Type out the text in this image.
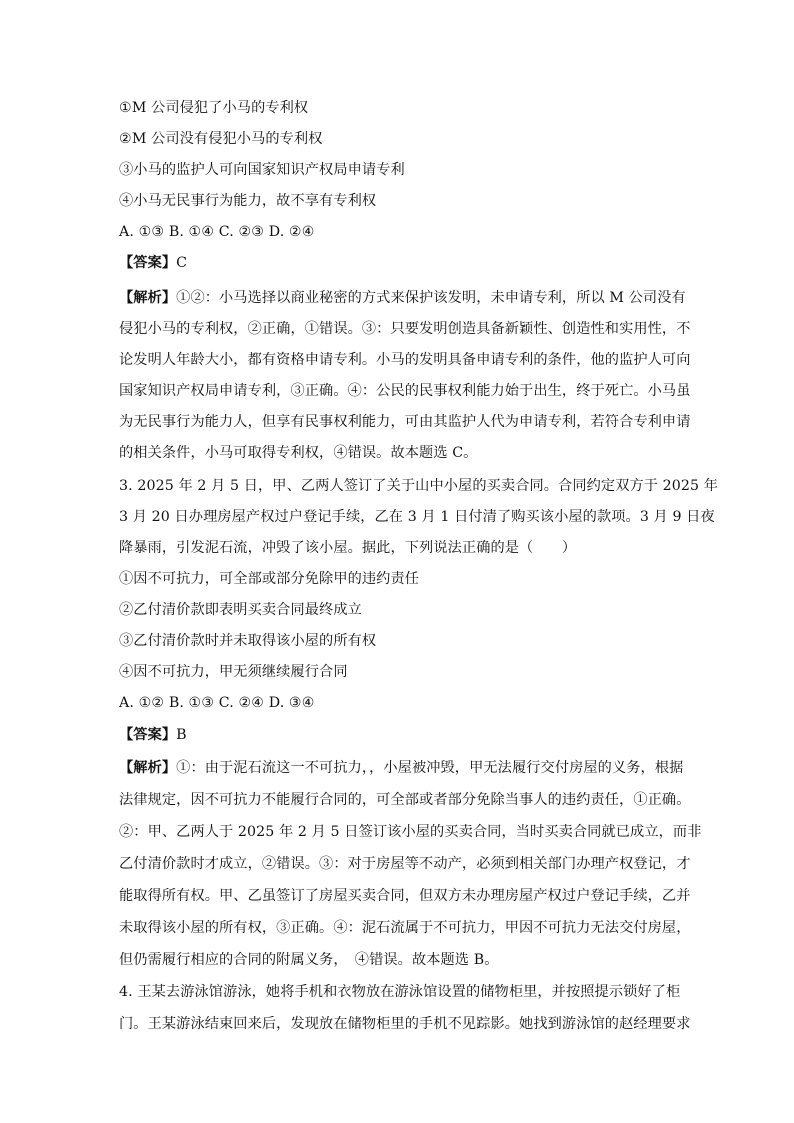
①M 公司侵犯了小马的专利权
②M 公司没有侵犯小马的专利权
③小马的监护人可向国家知识产权局申请专利
④小马无民事行为能力，故不享有专利权
A. ①③ B. ①④ C. ②③ D. ②④
【答案】C
【解析】①②：小马选择以商业秘密的方式来保护该发明，未申请专利，所以 M 公司没有
侵犯小马的专利权，②正确，①错误。③：只要发明创造具备新颖性、创造性和实用性，不
论发明人年龄大小，都有资格申请专利。小马的发明具备申请专利的条件，他的监护人可向
国家知识产权局申请专利，③正确。④：公民的民事权利能力始于出生，终于死亡。小马虽
为无民事行为能力人，但享有民事权利能力，可由其监护人代为申请专利，若符合专利申请
的相关条件，小马可取得专利权，④错误。故本题选 C。
3. 2025 年 2 月 5 日，甲、乙两人签订了关于山中小屋的买卖合同。合同约定双方于 2025 年
3 月 20 日办理房屋产权过户登记手续，乙在 3 月 1 日付清了购买该小屋的款项。3 月 9 日夜
降暴雨，引发泥石流，冲毁了该小屋。据此，下列说法正确的是（　　）
①因不可抗力，可全部或部分免除甲的违约责任
②乙付清价款即表明买卖合同最终成立
③乙付清价款时并未取得该小屋的所有权
④因不可抗力，甲无须继续履行合同
A. ①② B. ①③ C. ②④ D. ③④
【答案】B
【解析】①：由于泥石流这一不可抗力，，小屋被冲毁，甲无法履行交付房屋的义务，根据
法律规定，因不可抗力不能履行合同的，可全部或者部分免除当事人的违约责任，①正确。
②：甲、乙两人于 2025 年 2 月 5 日签订该小屋的买卖合同，当时买卖合同就已成立，而非
乙付清价款时才成立，②错误。③：对于房屋等不动产，必须到相关部门办理产权登记，才
能取得所有权。甲、乙虽签订了房屋买卖合同，但双方未办理房屋产权过户登记手续，乙并
未取得该小屋的所有权，③正确。④：泥石流属于不可抗力，甲因不可抗力无法交付房屋，
但仍需履行相应的合同的附属义务，　④错误。故本题选 B。
4. 王某去游泳馆游泳，她将手机和衣物放在游泳馆设置的储物柜里，并按照提示锁好了柜
门。王某游泳结束回来后，发现放在储物柜里的手机不见踪影。她找到游泳馆的赵经理要求
